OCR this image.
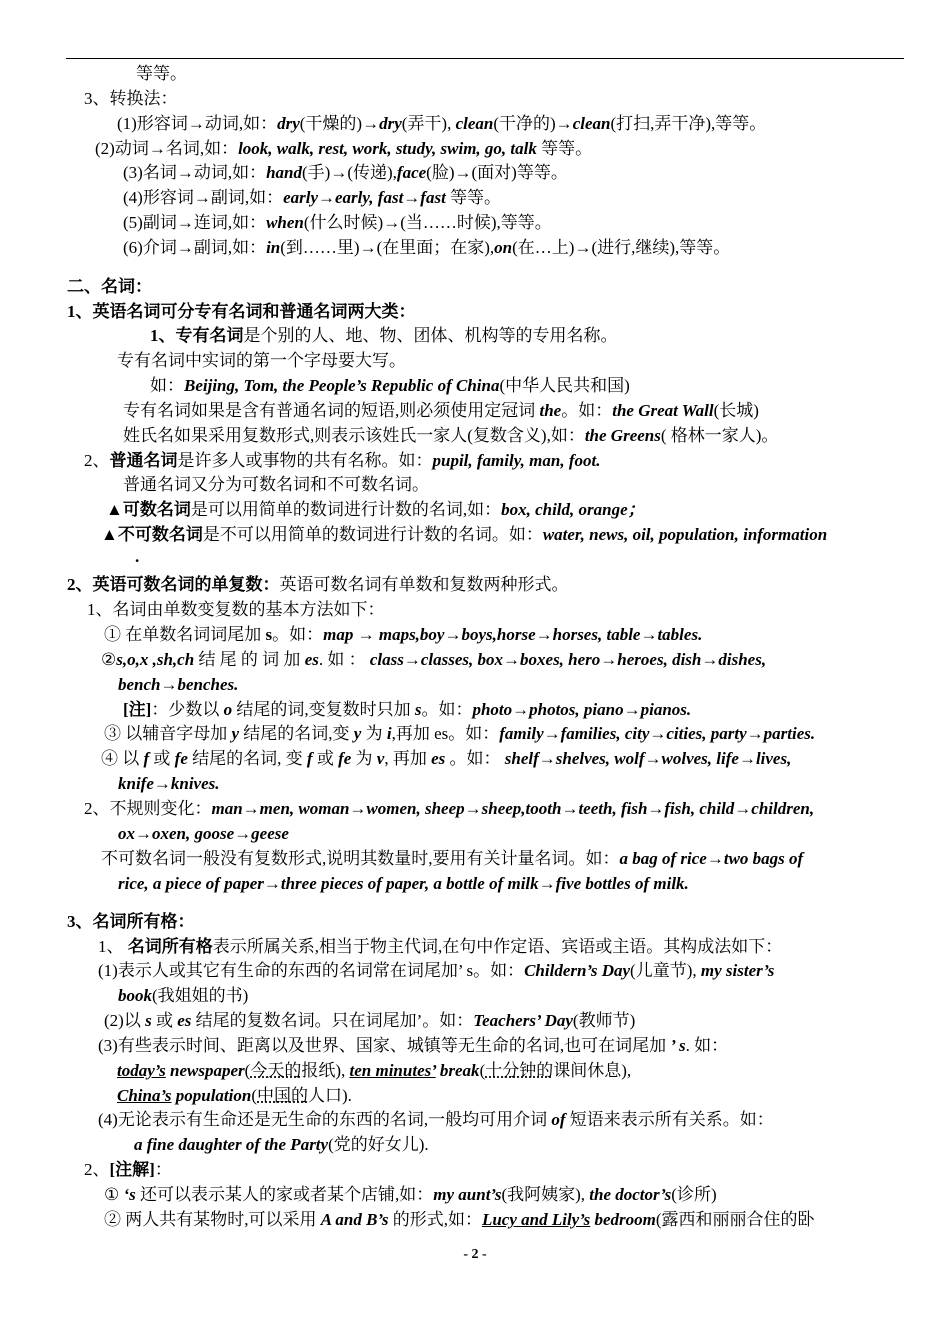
等等。
3、转换法：
(1)形容词→动词,如：dry(干燥的)→dry(弄干), clean(干净的)→clean(打扫,弄干净),等等。
(2)动词→名词,如：look, walk, rest, work, study, swim, go, talk 等等。
(3)名词→动词,如：hand(手)→(传递),face(脸)→(面对)等等。
(4)形容词→副词,如：early→early, fast→fast 等等。
(5)副词→连词,如：when(什么时候)→(当……时候),等等。
(6)介词→副词,如：in(到……里)→(在里面；在家),on(在…上)→(进行,继续),等等。
二、名词：
1、英语名词可分专有名词和普通名词两大类：
1、专有名词是个别的人、地、物、团体、机构等的专用名称。
专有名词中实词的第一个字母要大写。
如：Beijing, Tom, the People’s Republic of China(中华人民共和国)
专有名词如果是含有普通名词的短语,则必须使用定冠词 the。如：the Great Wall(长城)
姓氏名如果采用复数形式,则表示该姓氏一家人(复数含义),如：the Greens( 格林一家人)。
2、普通名词是许多人或事物的共有名称。如：pupil, family, man, foot.
普通名词又分为可数名词和不可数名词。
▲可数名词是可以用简单的数词进行计数的名词,如：box, child, orange；
▲不可数名词是不可以用简单的数词进行计数的名词。如：water, news, oil, population, information
.
2、英语可数名词的单复数：英语可数名词有单数和复数两种形式。
1、名词由单数变复数的基本方法如下：
① 在单数名词词尾加 s。如：map → maps,boy→boys,horse→horses, table→tables.
②s,o,x ,sh,ch 结 尾 的 词 加 es. 如 ： class→classes, box→boxes, hero→heroes, dish→dishes,
bench→benches.
[注]：少数以 o 结尾的词,变复数时只加 s。如：photo→photos, piano→pianos.
③ 以辅音字母加 y 结尾的名词,变 y 为 i,再加 es。如：family→families, city→cities, party→parties.
④ 以 f 或 fe 结尾的名词, 变 f 或 fe 为 v, 再加 es 。如： shelf→shelves, wolf→wolves, life→lives,
knife→knives.
2、不规则变化：man→men, woman→women, sheep→sheep,tooth→teeth, fish→fish, child→children,
ox→oxen, goose→geese
不可数名词一般没有复数形式,说明其数量时,要用有关计量名词。如：a bag of rice→two bags of
rice, a piece of paper→three pieces of paper, a bottle of milk→five bottles of milk.
3、名词所有格：
1、 名词所有格表示所属关系,相当于物主代词,在句中作定语、宾语或主语。其构成法如下：
(1)表示人或其它有生命的东西的名词常在词尾加’ s。如：Childern’s Day(儿童节), my sister’s
book(我姐姐的书)
(2)以 s 或 es 结尾的复数名词。只在词尾加’。如：Teachers’ Day(教师节)
(3)有些表示时间、距离以及世界、国家、城镇等无生命的名词,也可在词尾加 ’ s. 如：
today’s newspaper(今天的报纸), ten minutes’ break(十分钟的课间休息),
China’s population(中国的人口).
(4)无论表示有生命还是无生命的东西的名词,一般均可用介词 of 短语来表示所有关系。如：
a fine daughter of the Party(党的好女儿).
2、[注解]：
① ‘s 还可以表示某人的家或者某个店铺,如：my aunt’s(我阿姨家), the doctor’s(诊所)
② 两人共有某物时,可以采用 A and B’s 的形式,如：Lucy and Lily’s bedroom(露西和丽丽合住的卧
- 2 -
